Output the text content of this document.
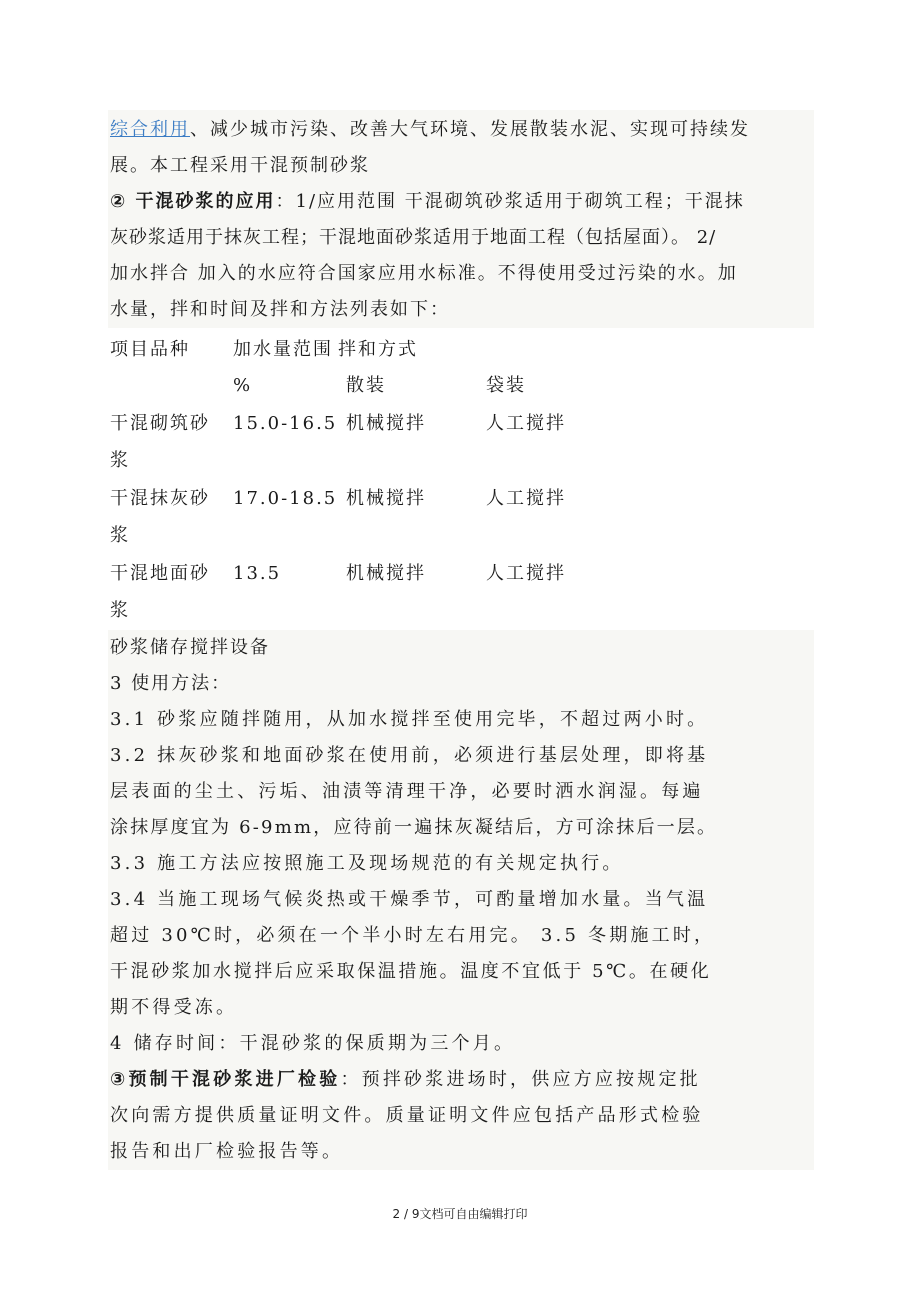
综合利用、减少城市污染、改善大气环境、发展散装水泥、实现可持续发
展。本工程采用干混预制砂浆
② 干混砂浆的应用：1/应用范围 干混砌筑砂浆适用于砌筑工程；干混抹
灰砂浆适用于抹灰工程；干混地面砂浆适用于地面工程（包括屋面）。 2/
加水拌合 加入的水应符合国家应用水标准。不得使用受过污染的水。加
水量，拌和时间及拌和方法列表如下：
项目品种 加水量范围 拌和方式
%	散装	袋装
干混砌筑砂
浆
15.0-16.5 机械搅拌	人工搅拌
干混抹灰砂
浆
17.0-18.5 机械搅拌	人工搅拌
干混地面砂
浆
13.5	机械搅拌	人工搅拌
砂浆储存搅拌设备
3 使用方法：
3.1 砂浆应随拌随用，从加水搅拌至使用完毕，不超过两小时。
3.2 抹灰砂浆和地面砂浆在使用前，必须进行基层处理，即将基
层表面的尘土、污垢、油渍等清理干净，必要时洒水润湿。每遍
涂抹厚度宜为 6-9mm，应待前一遍抹灰凝结后，方可涂抹后一层。
3.3 施工方法应按照施工及现场规范的有关规定执行。
3.4 当施工现场气候炎热或干燥季节，可酌量增加水量。当气温
超过 30℃时，必须在一个半小时左右用完。 3.5 冬期施工时，
干混砂浆加水搅拌后应采取保温措施。温度不宜低于 5℃。在硬化
期不得受冻。
4 储存时间：干混砂浆的保质期为三个月。
③预制干混砂浆进厂检验：预拌砂浆进场时，供应方应按规定批
次向需方提供质量证明文件。质量证明文件应包括产品形式检验
报告和出厂检验报告等。
2 / 9文档可自由编辑打印
